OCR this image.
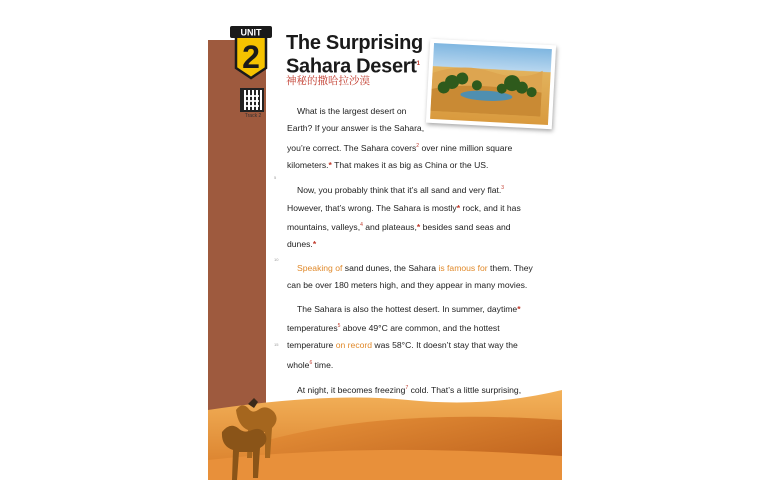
UNIT
2
Track 2
The Surprising
Sahara Desert$^1$
神秘的撒哈拉沙漠
5
10
15

What is the largest desert on
Earth? If your answer is the Sahara,
you’re correct. The Sahara covers$^2$ over nine million square
kilometers.* That makes it as big as China or the US.

Now, you probably think that it’s all sand and very flat.$^3$
However, that’s wrong. The Sahara is mostly* rock, and it has
mountains, valleys,$^4$ and plateaus,* besides sand seas and
dunes.*

Speaking of sand dunes, the Sahara is famous for them. They
can be over 180 meters high, and they appear in many movies.

The Sahara is also the hottest desert. In summer, daytime*
temperatures$^5$ above 49°C are common, and the hottest
temperature on record was 58°C. It doesn’t stay that way the
whole$^6$ time.

At night, it becomes freezing$^7$ cold. That’s a little surprising,
